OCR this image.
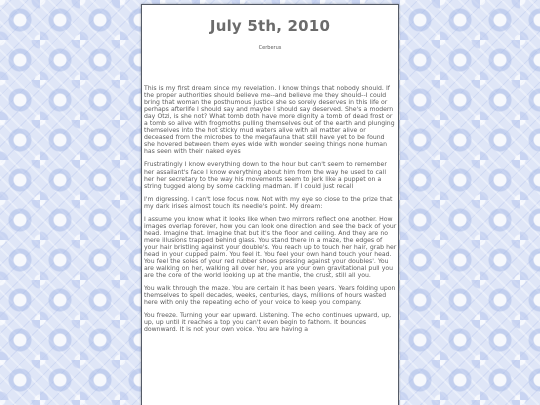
July 5th, 2010
Cerberus

This is my first dream since my revelation. I know things that nobody should. If the proper authorities should believe me--and believe me they should--I could bring that woman the posthumous justice she so sorely deserves in this life or perhaps afterlife I should say and maybe I should say deserved. She's a modern day Otzi, is she not? What tomb doth have more dignity a tomb of dead frost or a tomb so alive with frogmoths pulling themselves out of the earth and plunging themselves into the hot sticky mud waters alive with all matter alive or deceased from the microbes to the megafauna that still have yet to be found she hovered between them eyes wide with wonder seeing things none human has seen with their naked eyes

Frustratingly I know everything down to the hour but can't seem to remember her assailant's face I know everything about him from the way he used to call her her secretary to the way his movements seem to jerk like a puppet on a string tugged along by some cackling madman. If I could just recall

I'm digressing. I can't lose focus now. Not with my eye so close to the prize that my dark irises almost touch its needle's point. My dream:

I assume you know what it looks like when two mirrors reflect one another. How images overlap forever, how you can look one direction and see the back of your head. Imagine that. Imagine that but it's the floor and ceiling. And they are no mere illusions trapped behind glass. You stand there in a maze, the edges of your hair bristling against your double's. You reach up to touch her hair, grab her head in your cupped palm. You feel it. You feel your own hand touch your head. You feel the soles of your red rubber shoes pressing against your doubles'. You are walking on her, walking all over her, you are your own gravitational pull you are the core of the world looking up at the mantle, the crust, still all you.

You walk through the maze. You are certain it has been years. Years folding upon themselves to spell decades, weeks, centuries, days, millions of hours wasted here with only the repeating echo of your voice to keep you company.

You freeze. Turning your ear upward. Listening. The echo continues upward, up, up, up until it reaches a top you can't even begin to fathom. It bounces downward. It is not your own voice. You are having a
